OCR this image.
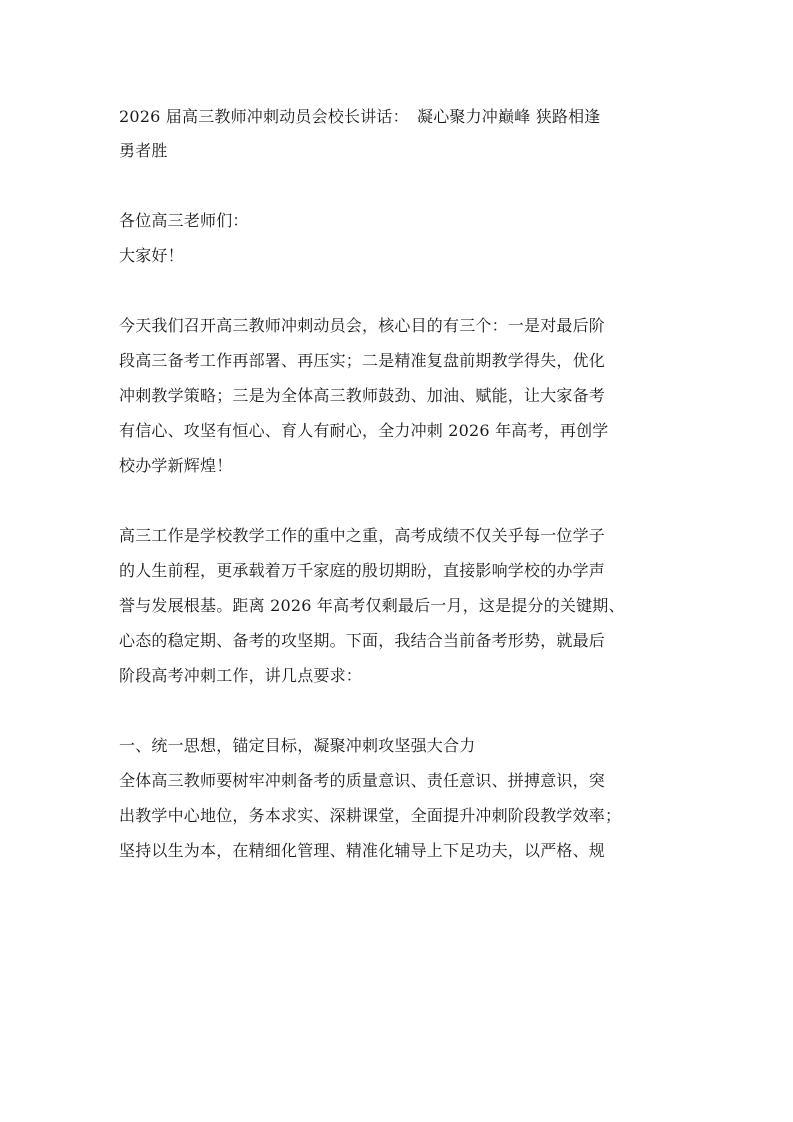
2026 届高三教师冲刺动员会校长讲话：　凝心聚力冲巅峰 狭路相逢
勇者胜
各位高三老师们：
大家好！
今天我们召开高三教师冲刺动员会，核心目的有三个：一是对最后阶
段高三备考工作再部署、再压实；二是精准复盘前期教学得失，优化
冲刺教学策略；三是为全体高三教师鼓劲、加油、赋能，让大家备考
有信心、攻坚有恒心、育人有耐心，全力冲刺 2026 年高考，再创学
校办学新辉煌！
高三工作是学校教学工作的重中之重，高考成绩不仅关乎每一位学子
的人生前程，更承载着万千家庭的殷切期盼，直接影响学校的办学声
誉与发展根基。距离 2026 年高考仅剩最后一月，这是提分的关键期、
心态的稳定期、备考的攻坚期。下面，我结合当前备考形势，就最后
阶段高考冲刺工作，讲几点要求：
一、统一思想，锚定目标，凝聚冲刺攻坚强大合力
全体高三教师要树牢冲刺备考的质量意识、责任意识、拼搏意识，突
出教学中心地位，务本求实、深耕课堂，全面提升冲刺阶段教学效率；
坚持以生为本，在精细化管理、精准化辅导上下足功夫，以严格、规
